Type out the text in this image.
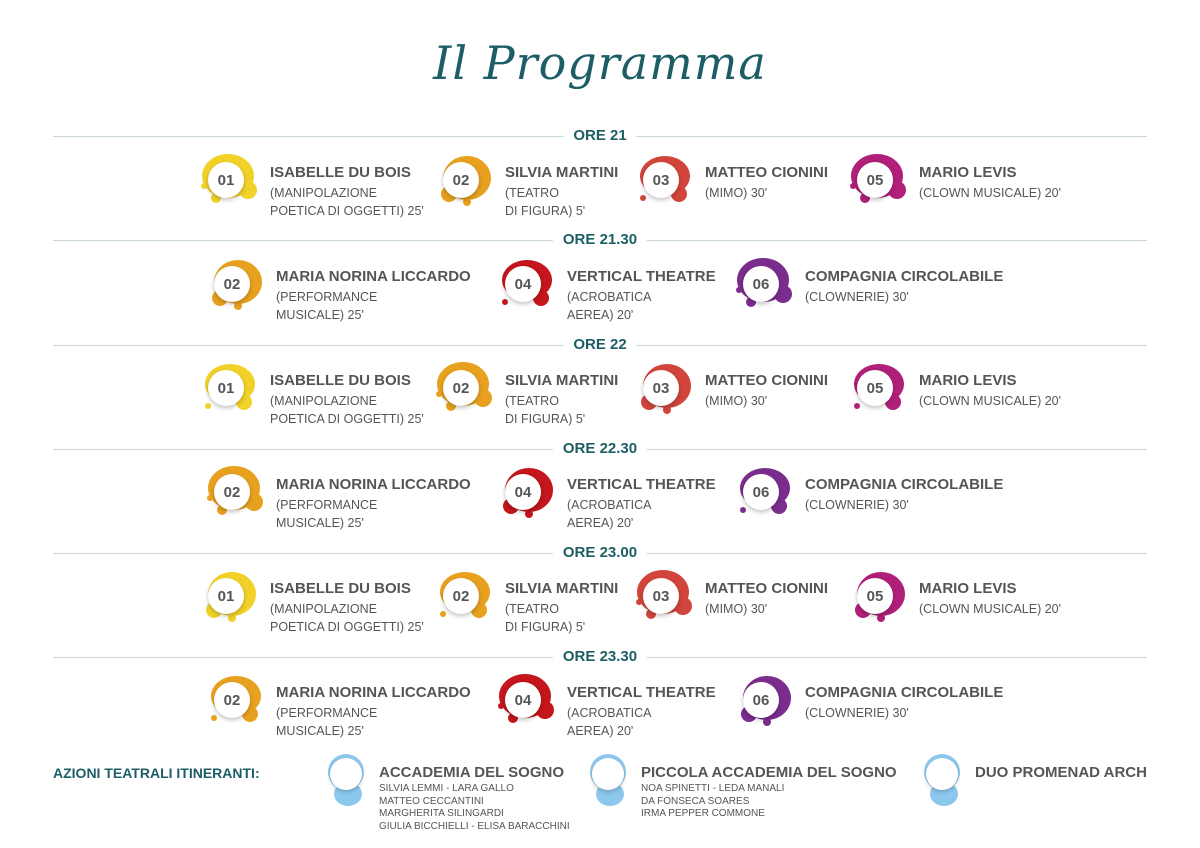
Il Programma
ORE 21
01	ISABELLE DU BOIS
(MANIPOLAZIONE
POETICA DI OGGETTI) 25'
02	SILVIA MARTINI
(TEATRO
DI FIGURA) 5'
03	MATTEO CIONINI
(MIMO) 30'
05	MARIO LEVIS
(CLOWN MUSICALE) 20'
ORE 21.30
02	MARIA NORINA LICCARDO
(PERFORMANCE
MUSICALE) 25'
04	VERTICAL THEATRE
(ACROBATICA
AEREA) 20'
06	COMPAGNIA CIRCOLABILE
(CLOWNERIE) 30'
ORE 22
01	ISABELLE DU BOIS
(MANIPOLAZIONE
POETICA DI OGGETTI) 25'
02	SILVIA MARTINI
(TEATRO
DI FIGURA) 5'
03	MATTEO CIONINI
(MIMO) 30'
05	MARIO LEVIS
(CLOWN MUSICALE) 20'
ORE 22.30
02	MARIA NORINA LICCARDO
(PERFORMANCE
MUSICALE) 25'
04	VERTICAL THEATRE
(ACROBATICA
AEREA) 20'
06	COMPAGNIA CIRCOLABILE
(CLOWNERIE) 30'
ORE 23.00
01	ISABELLE DU BOIS
(MANIPOLAZIONE
POETICA DI OGGETTI) 25'
02	SILVIA MARTINI
(TEATRO
DI FIGURA) 5'
03	MATTEO CIONINI
(MIMO) 30'
05	MARIO LEVIS
(CLOWN MUSICALE) 20'
ORE 23.30
02	MARIA NORINA LICCARDO
(PERFORMANCE
MUSICALE) 25'
04	VERTICAL THEATRE
(ACROBATICA
AEREA) 20'
06	COMPAGNIA CIRCOLABILE
(CLOWNERIE) 30'
AZIONI TEATRALI ITINERANTI:	ACCADEMIA DEL SOGNO
SILVIA LEMMI - LARA GALLO
MATTEO CECCANTINI
MARGHERITA SILINGARDI
GIULIA BICCHIELLI - ELISA BARACCHINI
PICCOLA ACCADEMIA DEL SOGNO
NOA SPINETTI - LEDA MANALI
DA FONSECA SOARES
IRMA PEPPER COMMONE
DUO PROMENAD ARCH
